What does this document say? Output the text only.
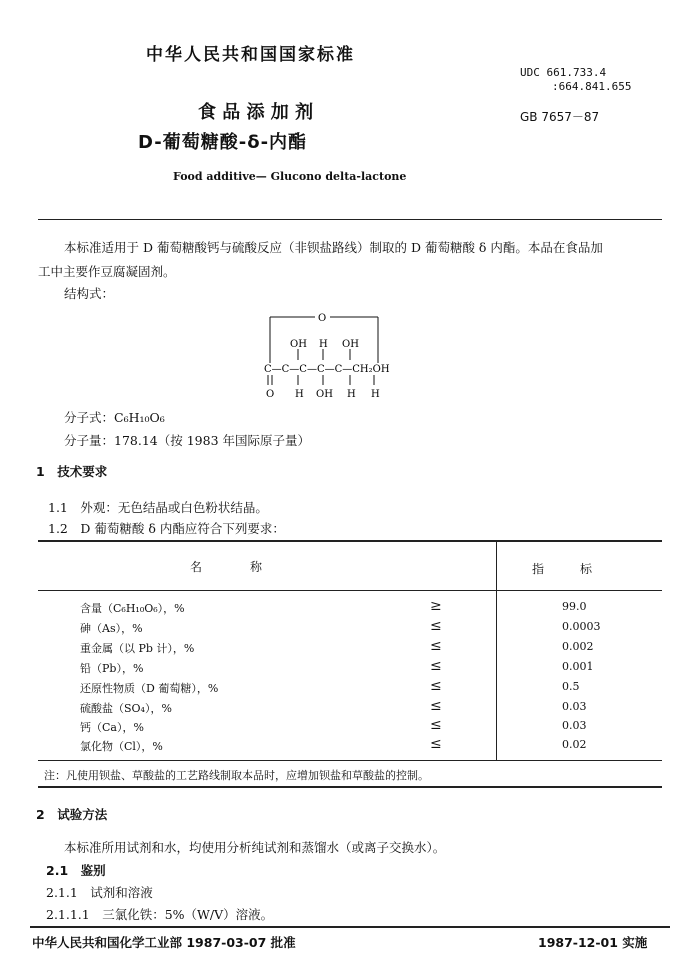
中华人民共和国国家标准
UDC 661.733.4
:664.841.655
食 品 添 加 剂	GB 7657－87
D-葡萄糖酸-δ-内酯
Food additive— Glucono delta-lactone
本标准适用于 D 葡萄糖酸钙与硫酸反应（非钡盐路线）制取的 D 葡萄糖酸 δ 内酯。本品在食品加
工中主要作豆腐凝固剂。
结构式：
O
OH H OH
C—C—C—C—C—CH₂OH
O H OH H H
分子式：C₆H₁₀O₆
分子量：178.14（按 1983 年国际原子量）
1　技术要求
1.1　外观：无色结晶或白色粉状结晶。
1.2　D 葡萄糖酸 δ 内酯应符合下列要求：
名　　　　称	指　　　标
含量（C₆H₁₀O₆），%	≥	99.0
砷（As），%	≤	0.0003
重金属（以 Pb 计），%	≤	0.002
铅（Pb），%	≤	0.001
还原性物质（D 葡萄糖），%	≤	0.5
硫酸盐（SO₄），%	≤	0.03
钙（Ca），%	≤	0.03
氯化物（Cl），%	≤	0.02
注：凡使用钡盐、草酸盐的工艺路线制取本品时，应增加钡盐和草酸盐的控制。
2　试验方法
本标准所用试剂和水，均使用分析纯试剂和蒸馏水（或离子交换水）。
2.1　鉴别
2.1.1　试剂和溶液
2.1.1.1　三氯化铁：5%（W/V）溶液。
中华人民共和国化学工业部 1987-03-07 批准	1987-12-01 实施
